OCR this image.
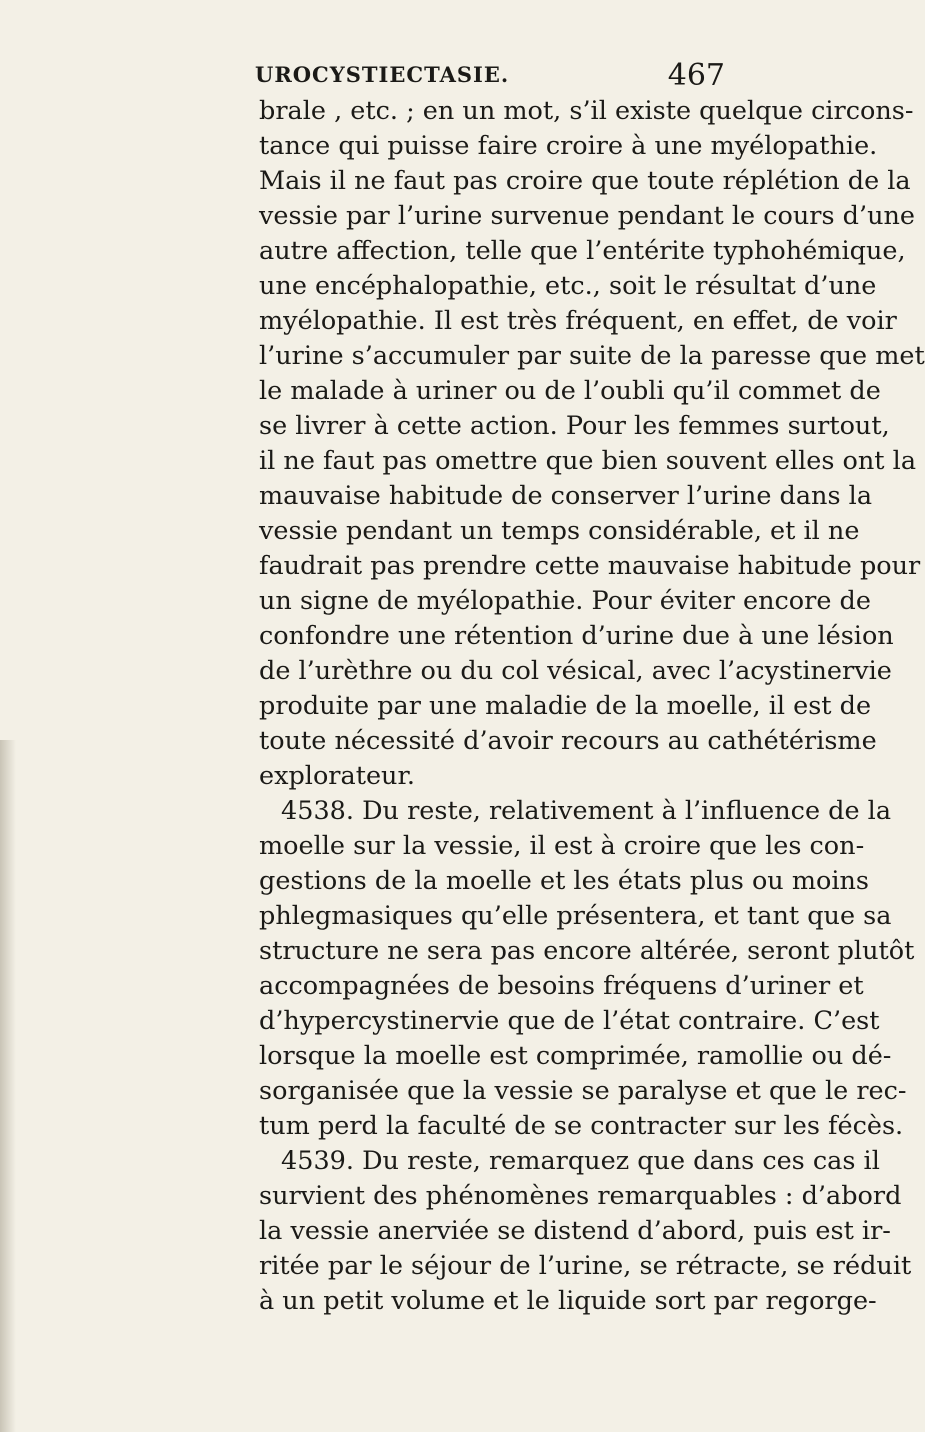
UROCYSTIECTASIE.	467
brale , etc. ; en un mot, s’il existe quelque circons-
tance qui puisse faire croire à une myélopathie.
Mais il ne faut pas croire que toute réplétion de la
vessie par l’urine survenue pendant le cours d’une
autre affection, telle que l’entérite typhohémique,
une encéphalopathie, etc., soit le résultat d’une
myélopathie. Il est très fréquent, en effet, de voir
l’urine s’accumuler par suite de la paresse que met
le malade à uriner ou de l’oubli qu’il commet de
se livrer à cette action. Pour les femmes surtout,
il ne faut pas omettre que bien souvent elles ont la
mauvaise habitude de conserver l’urine dans la
vessie pendant un temps considérable, et il ne
faudrait pas prendre cette mauvaise habitude pour
un signe de myélopathie. Pour éviter encore de
confondre une rétention d’urine due à une lésion
de l’urèthre ou du col vésical, avec l’acystinervie
produite par une maladie de la moelle, il est de
toute nécessité d’avoir recours au cathétérisme
explorateur.
4538. Du reste, relativement à l’influence de la
moelle sur la vessie, il est à croire que les con-
gestions de la moelle et les états plus ou moins
phlegmasiques qu’elle présentera, et tant que sa
structure ne sera pas encore altérée, seront plutôt
accompagnées de besoins fréquens d’uriner et
d’hypercystinervie que de l’état contraire. C’est
lorsque la moelle est comprimée, ramollie ou dé-
sorganisée que la vessie se paralyse et que le rec-
tum perd la faculté de se contracter sur les fécès.
4539. Du reste, remarquez que dans ces cas il
survient des phénomènes remarquables : d’abord
la vessie anerviée se distend d’abord, puis est ir-
ritée par le séjour de l’urine, se rétracte, se réduit
à un petit volume et le liquide sort par regorge-
